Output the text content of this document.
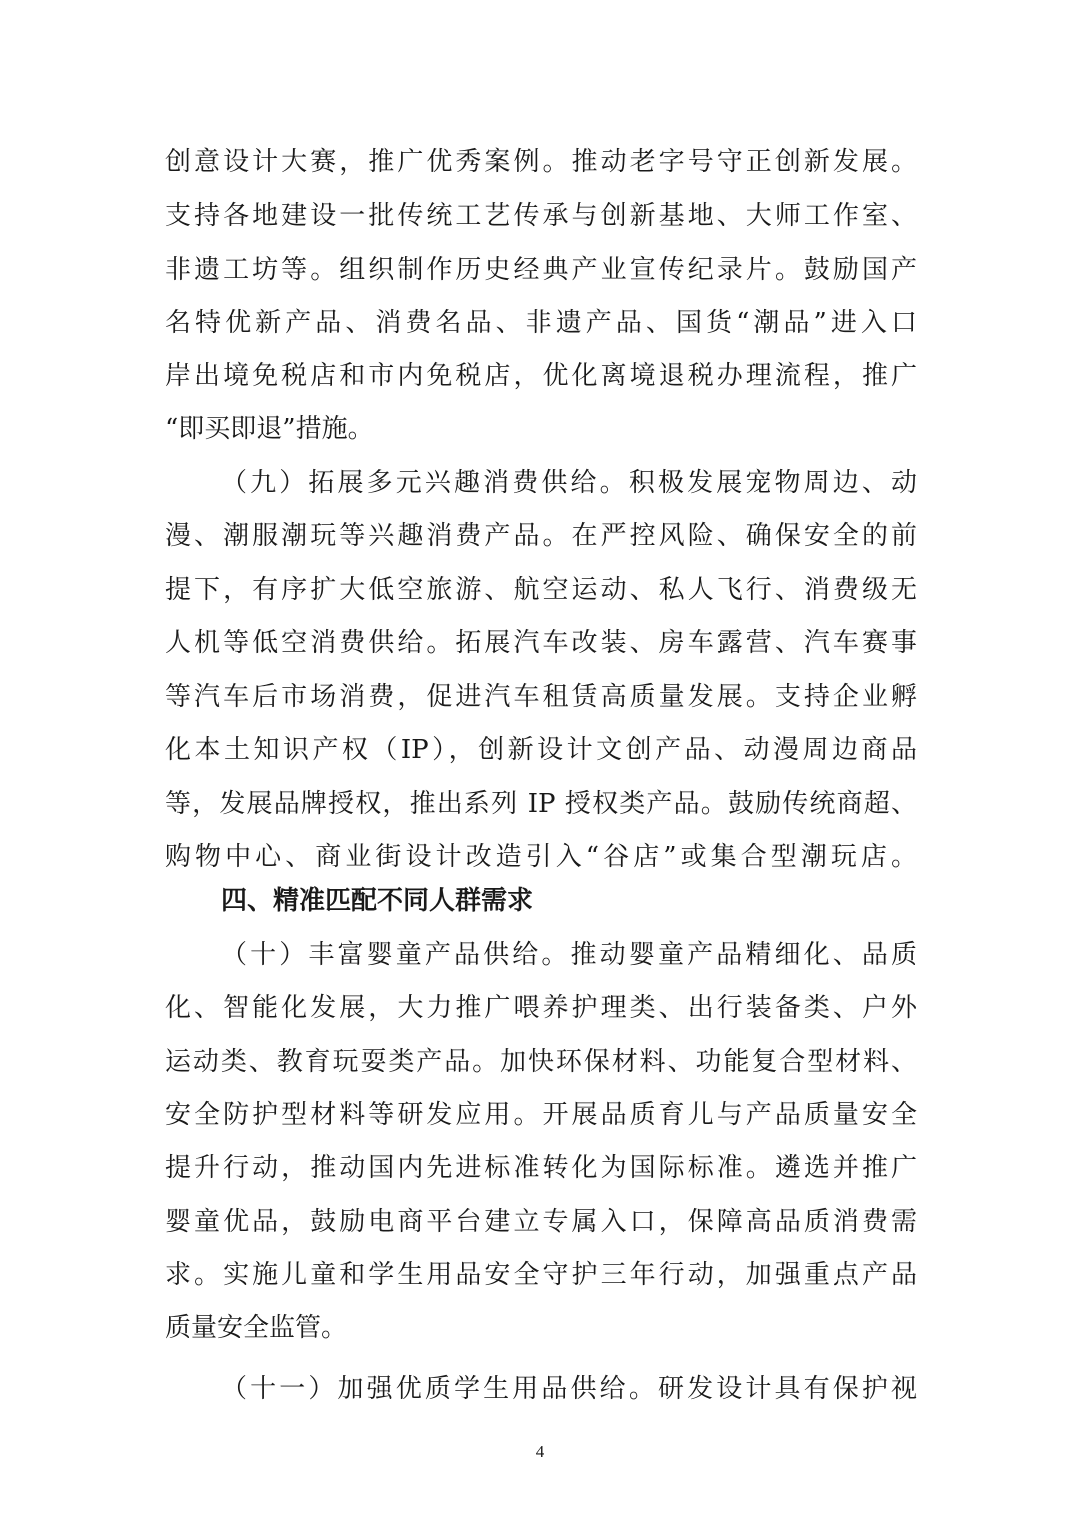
创意设计大赛，推广优秀案例。推动老字号守正创新发展。
支持各地建设一批传统工艺传承与创新基地、大师工作室、
非遗工坊等。组织制作历史经典产业宣传纪录片。鼓励国产
名特优新产品、消费名品、非遗产品、国货“潮品”进入口
岸出境免税店和市内免税店，优化离境退税办理流程，推广
“即买即退”措施。
（九）拓展多元兴趣消费供给。积极发展宠物周边、动
漫、潮服潮玩等兴趣消费产品。在严控风险、确保安全的前
提下，有序扩大低空旅游、航空运动、私人飞行、消费级无
人机等低空消费供给。拓展汽车改装、房车露营、汽车赛事
等汽车后市场消费，促进汽车租赁高质量发展。支持企业孵
化本土知识产权（IP），创新设计文创产品、动漫周边商品
等，发展品牌授权，推出系列 IP 授权类产品。鼓励传统商超、
购物中心、商业街设计改造引入“谷店”或集合型潮玩店。
四、精准匹配不同人群需求
（十）丰富婴童产品供给。推动婴童产品精细化、品质
化、智能化发展，大力推广喂养护理类、出行装备类、户外
运动类、教育玩耍类产品。加快环保材料、功能复合型材料、
安全防护型材料等研发应用。开展品质育儿与产品质量安全
提升行动，推动国内先进标准转化为国际标准。遴选并推广
婴童优品，鼓励电商平台建立专属入口，保障高品质消费需
求。实施儿童和学生用品安全守护三年行动，加强重点产品
质量安全监管。
（十一）加强优质学生用品供给。研发设计具有保护视
4
